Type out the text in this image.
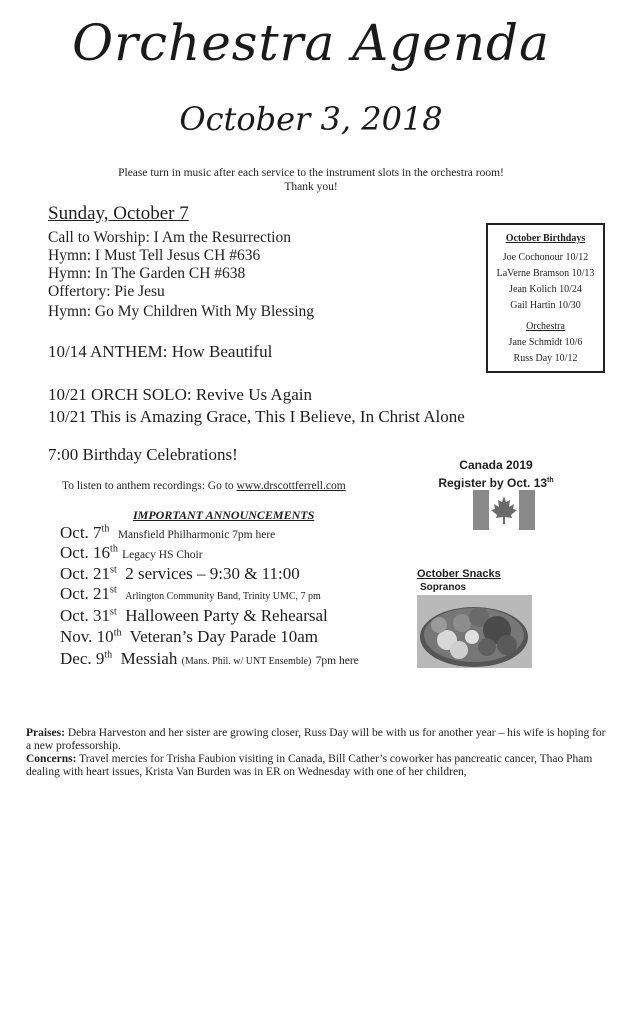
Orchestra Agenda
October 3, 2018
Please turn in music after each service to the instrument slots in the orchestra room!
Thank you!
Sunday, October 7
Call to Worship: I Am the Resurrection
Hymn: I Must Tell Jesus CH #636
Hymn: In The Garden CH #638
Offertory: Pie Jesu
Hymn: Go My Children With My Blessing
10/14 ANTHEM: How Beautiful
10/21 ORCH SOLO: Revive Us Again
10/21 This is Amazing Grace, This I Believe, In Christ Alone
7:00 Birthday Celebrations!
To listen to anthem recordings: Go to www.drscottferrell.com
IMPORTANT ANNOUNCEMENTS
Oct. 7th  Mansfield Philharmonic 7pm here
Oct. 16th Legacy HS Choir
Oct. 21st 2 services – 9:30 & 11:00
Oct. 21st  Arlington Community Band, Trinity UMC, 7 pm
Oct. 31st Halloween Party & Rehearsal
Nov. 10th Veteran’s Day Parade 10am
Dec. 9th Messiah (Mans. Phil. w/ UNT Ensemble) 7pm here
October Birthdays
Joe Cochonour 10/12
LaVerne Bramson 10/13
Jean Kolich 10/24
Gail Hartin 10/30
Orchestra
Jane Schmidt 10/6
Russ Day 10/12
Canada 2019
Register by Oct. 13th
October Snacks
Sopranos
Praises: Debra Harveston and her sister are growing closer, Russ Day will be with us for another year – his wife is hoping for a new professorship.
Concerns: Travel mercies for Trisha Faubion visiting in Canada, Bill Cather’s coworker has pancreatic cancer, Thao Pham dealing with heart issues, Krista Van Burden was in ER on Wednesday with one of her children,
